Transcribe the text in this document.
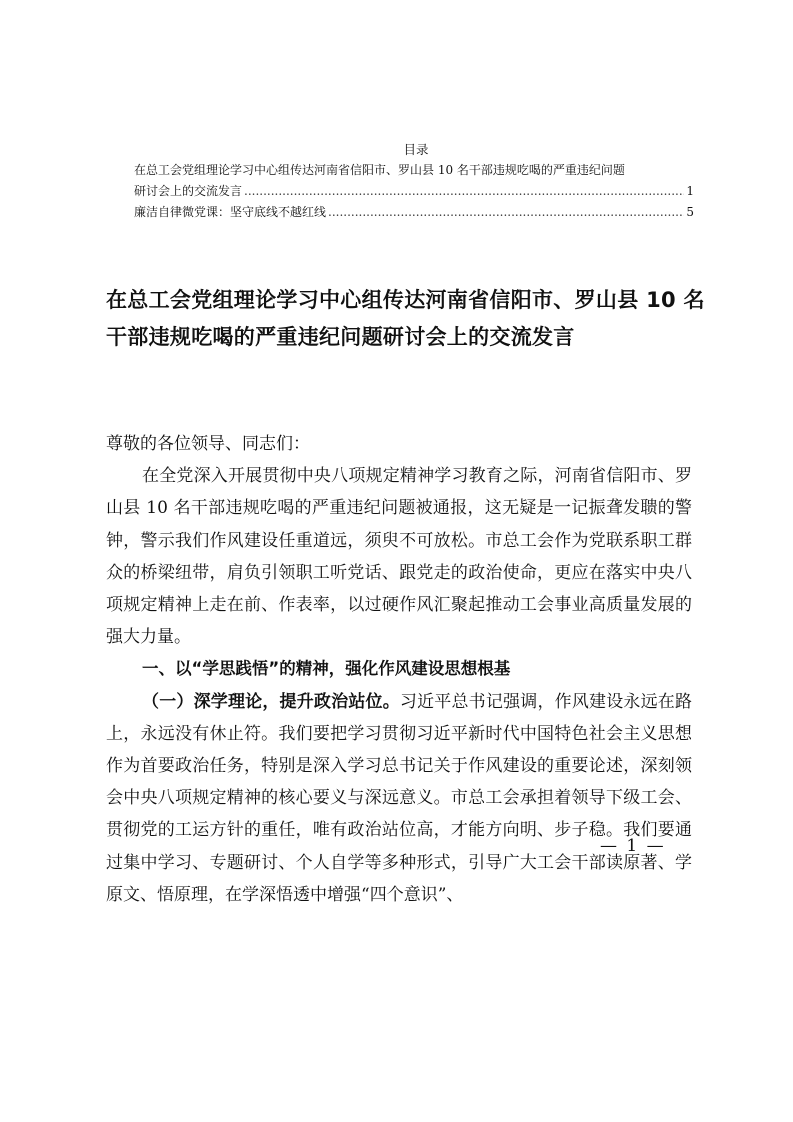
目录

在总工会党组理论学习中心组传达河南省信阳市、罗山县 10 名干部违规吃喝的严重违纪问题

研讨会上的交流发言 .....	1

廉洁自律微党课：坚守底线不越红线 .....	5

在总工会党组理论学习中心组传达河南省信阳市、罗山县 10 名干部违规吃喝的严重违纪问题研讨会上的交流发言

尊敬的各位领导、同志们：

在全党深入开展贯彻中央八项规定精神学习教育之际，河南省信阳市、罗山县 10 名干部违规吃喝的严重违纪问题被通报，这无疑是一记振聋发聩的警钟，警示我们作风建设任重道远，须臾不可放松。市总工会作为党联系职工群众的桥梁纽带，肩负引领职工听党话、跟党走的政治使命，更应在落实中央八项规定精神上走在前、作表率，以过硬作风汇聚起推动工会事业高质量发展的强大力量。

一、以“学思践悟”的精神，强化作风建设思想根基

（一）深学理论，提升政治站位。习近平总书记强调，作风建设永远在路上，永远没有休止符。我们要把学习贯彻习近平新时代中国特色社会主义思想作为首要政治任务，特别是深入学习总书记关于作风建设的重要论述，深刻领会中央八项规定精神的核心要义与深远意义。市总工会承担着领导下级工会、贯彻党的工运方针的重任，唯有政治站位高，才能方向明、步子稳。我们要通过集中学习、专题研讨、个人自学等多种形式，引导广大工会干部读原著、学原文、悟原理，在学深悟透中增强“四个意识”、

— 1 —
